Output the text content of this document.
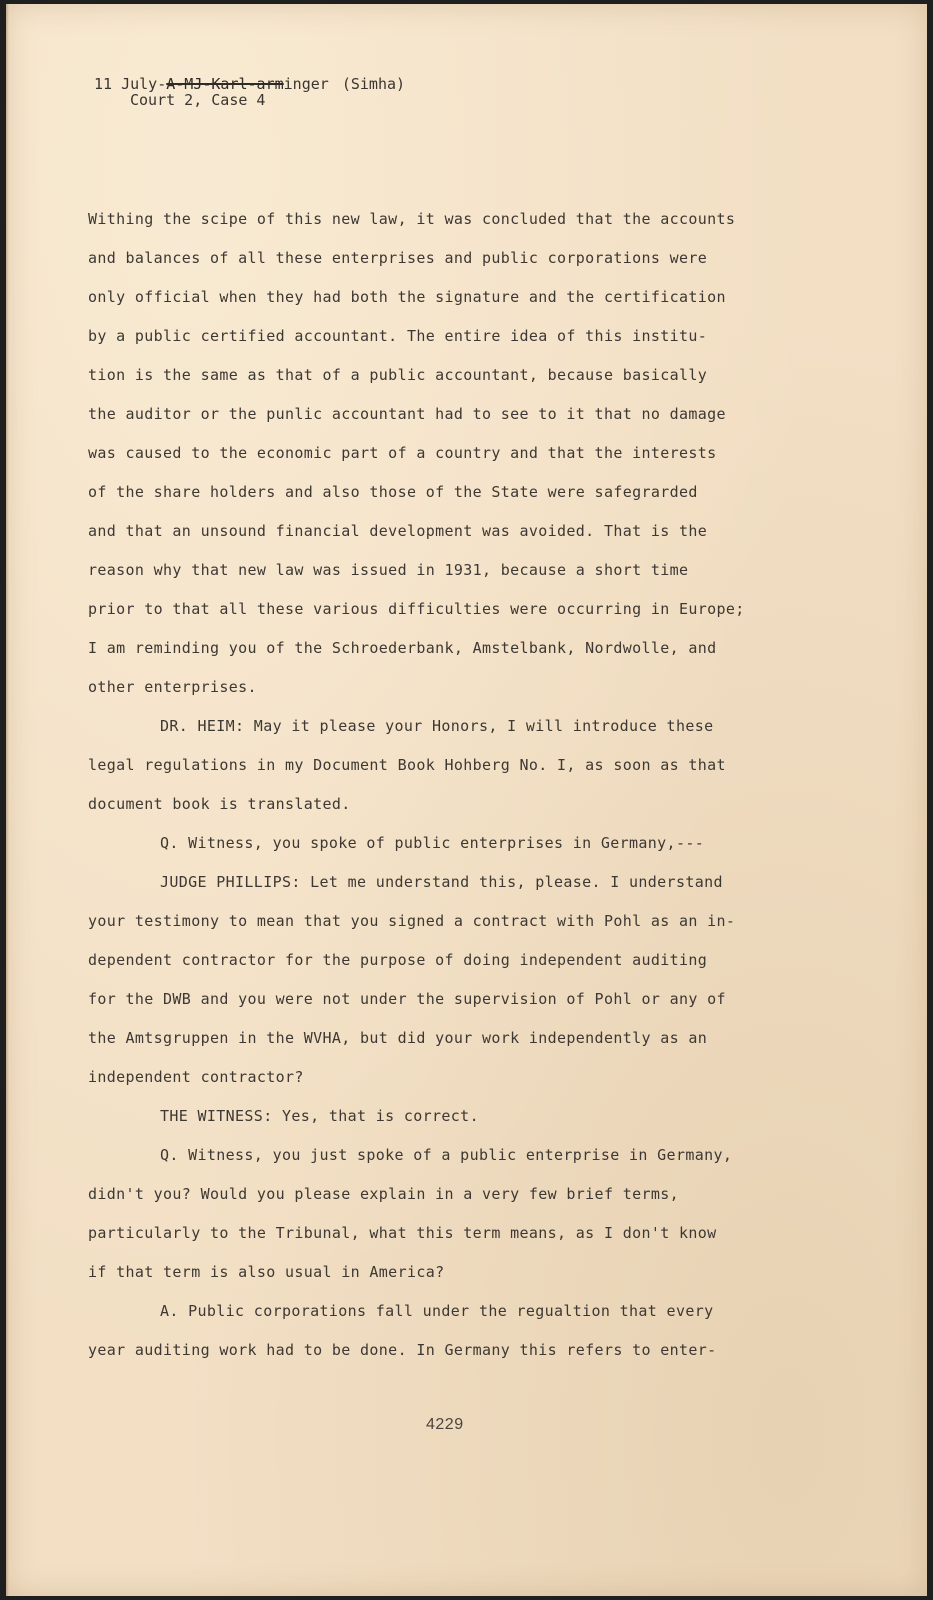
11 July-A-MJ-Karl-arminger (Simha)
Court 2, Case 4
Withing the scipe of this new law, it was concluded that the accounts
and balances of all these enterprises and public corporations were
only official when they had both the signature and the certification
by a public certified accountant. The entire idea of this institu-
tion is the same as that of a public accountant, because basically
the auditor or the punlic accountant had to see to it that no damage
was caused to the economic part of a country and that the interests
of the share holders and also those of the State were safegrarded
and that an unsound financial development was avoided. That is the
reason why that new law was issued in 1931, because a short time
prior to that all these various difficulties were occurring in Europe;
I am reminding you of the Schroederbank, Amstelbank, Nordwolle, and
other enterprises.
DR. HEIM: May it please your Honors, I will introduce these
legal regulations in my Document Book Hohberg No. I, as soon as that
document book is translated.
Q. Witness, you spoke of public enterprises in Germany,---
JUDGE PHILLIPS: Let me understand this, please. I understand
your testimony to mean that you signed a contract with Pohl as an in-
dependent contractor for the purpose of doing independent auditing
for the DWB and you were not under the supervision of Pohl or any of
the Amtsgruppen in the WVHA, but did your work independently as an
independent contractor?
THE WITNESS: Yes, that is correct.
Q. Witness, you just spoke of a public enterprise in Germany,
didn't you? Would you please explain in a very few brief terms,
particularly to the Tribunal, what this term means, as I don't know
if that term is also usual in America?
A. Public corporations fall under the regualtion that every
year auditing work had to be done. In Germany this refers to enter-
4229
